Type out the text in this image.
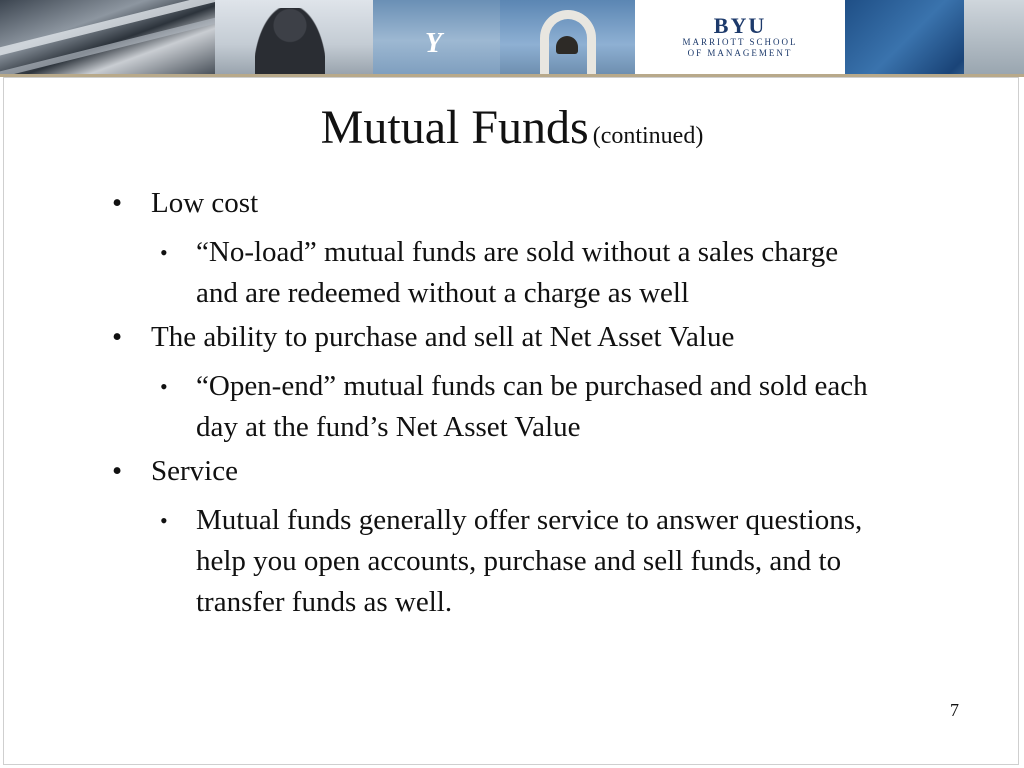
Y
BYU
MARRIOTT SCHOOL
OF MANAGEMENT
Mutual Funds (continued)
• Low cost
• “No-load” mutual funds are sold without a sales charge and are redeemed without a charge as well
• The ability to purchase and sell at Net Asset Value
• “Open-end” mutual funds can be purchased and sold each day at the fund’s Net Asset Value
• Service
• Mutual funds generally offer service to answer questions, help you open accounts, purchase and sell funds, and to transfer funds as well.
7
